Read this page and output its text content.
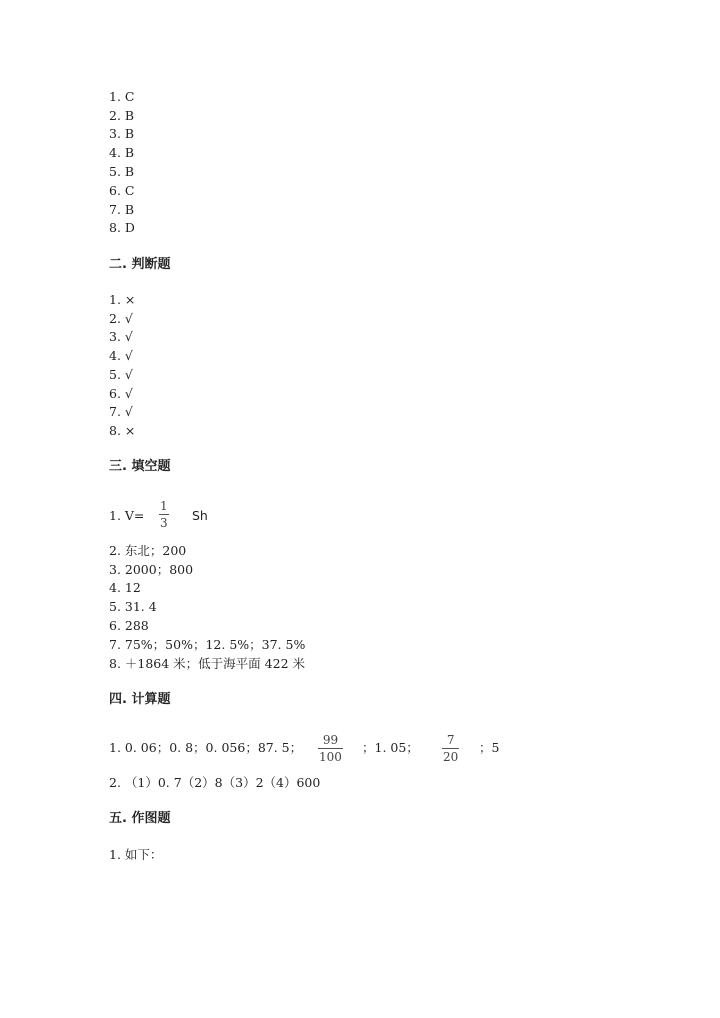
1. C
2. B
3. B
4. B
5. B
6. C
7. B
8. D
二. 判断题
1. ×
2. √
3. √
4. √
5. √
6. √
7. √
8. ×
三. 填空题
1. V=
1
3 Sh
2. 东北；200
3. 2000；800
4. 12
5. 31. 4
6. 288
7. 75%；50%；12. 5%；37. 5%
8. ＋1864 米；低于海平面 422 米
四. 计算题
1. 0. 06；0. 8；0. 056；87. 5； 99
100
；1. 05； 7
20
；5
2. （1）0. 7（2）8（3）2（4）600
五. 作图题
1. 如下：
